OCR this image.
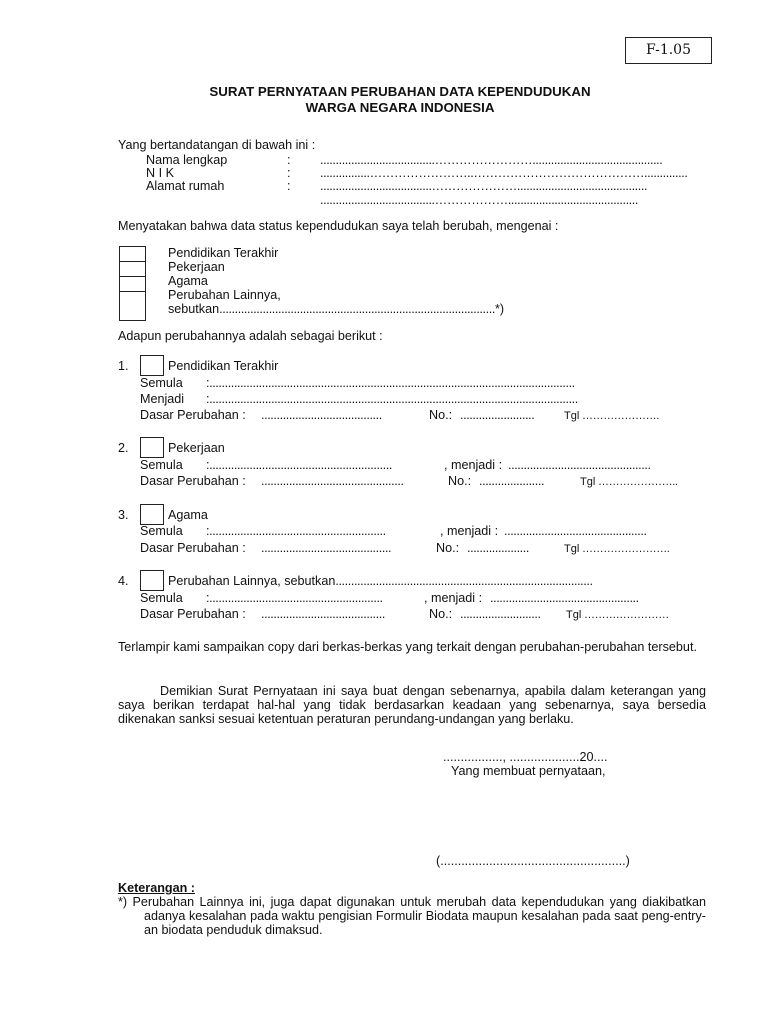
F-1.05
SURAT PERNYATAAN PERUBAHAN DATA KEPENDUDUKAN
WARGA NEGARA INDONESIA
Yang bertandatangan di bawah ini :
Nama lengkap	: .....................................……………………..........................................
N I K	: ................……………………..……………………………………..............
Alamat rumah	: ....................................…………………..........................................
.....................................………………..........................................
Menyatakan bahwa data status kependudukan saya telah berubah, mengenai :
Pendidikan Terakhir
Pekerjaan
Agama
Perubahan Lainnya,
sebutkan.........................................................................................*)
Adapun perubahannya adalah sebagai berikut :
1.	Pendidikan Terakhir
Semula :......................................................................................................................
Menjadi :.......................................................................................................................
Dasar Perubahan : .......................................	No.: ........................	Tgl ………………….
2.	Pekerjaan
Semula :...........................................................	, menjadi : ..............................................
Dasar Perubahan : ..............................................	No.: .....................	Tgl …………………..
3.	Agama
Semula :.........................................................	, menjadi : ..............................................
Dasar Perubahan : ..........................................	No.: ....................	Tgl …………………….
4.	Perubahan Lainnya, sebutkan...................................................................................
Semula :........................................................	, menjadi : ................................................
Dasar Perubahan : ........................................	No.: .......................... Tgl ……………………
Terlampir kami sampaikan copy dari berkas-berkas yang terkait dengan perubahan-perubahan tersebut.
Demikian Surat Pernyataan ini saya buat dengan sebenarnya, apabila dalam keterangan yang saya berikan terdapat hal-hal yang tidak berdasarkan keadaan yang sebenarnya, saya bersedia dikenakan sanksi sesuai ketentuan peraturan perundang-undangan yang berlaku.
................., ....................20....
Yang membuat pernyataan,
(.....................................................)
Keterangan :
*) Perubahan Lainnya ini, juga dapat digunakan untuk merubah data kependudukan yang diakibatkan adanya kesalahan pada waktu pengisian Formulir Biodata maupun kesalahan pada saat peng-entry-an biodata penduduk dimaksud.
